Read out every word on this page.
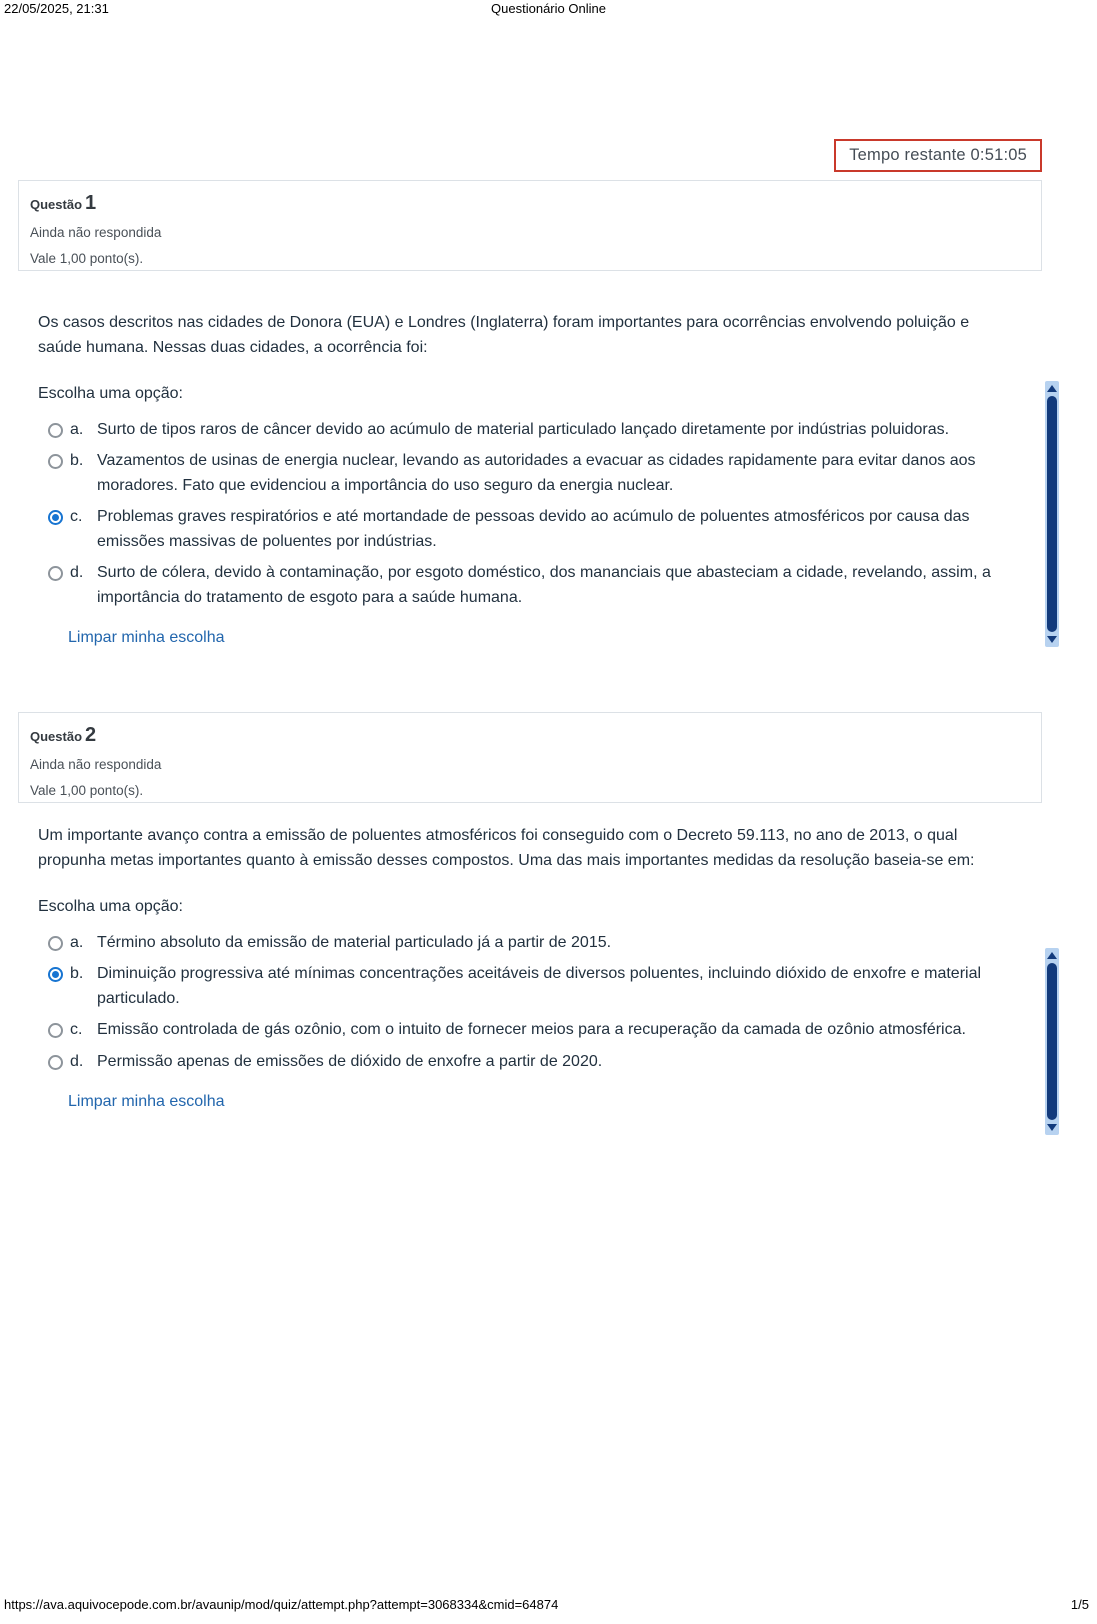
22/05/2025, 21:31	Questionário Online
Tempo restante 0:51:05
Questão 1
Ainda não respondida
Vale 1,00 ponto(s).

Os casos descritos nas cidades de Donora (EUA) e Londres (Inglaterra) foram importantes para ocorrências envolvendo poluição e saúde humana. Nessas duas cidades, a ocorrência foi:

Escolha uma opção:

a. Surto de tipos raros de câncer devido ao acúmulo de material particulado lançado diretamente por indústrias poluidoras.
b. Vazamentos de usinas de energia nuclear, levando as autoridades a evacuar as cidades rapidamente para evitar danos aos moradores. Fato que evidenciou a importância do uso seguro da energia nuclear.
c. Problemas graves respiratórios e até mortandade de pessoas devido ao acúmulo de poluentes atmosféricos por causa das emissões massivas de poluentes por indústrias.
d. Surto de cólera, devido à contaminação, por esgoto doméstico, dos mananciais que abasteciam a cidade, revelando, assim, a importância do tratamento de esgoto para a saúde humana.
Limpar minha escolha
Questão 2
Ainda não respondida
Vale 1,00 ponto(s).

Um importante avanço contra a emissão de poluentes atmosféricos foi conseguido com o Decreto 59.113, no ano de 2013, o qual propunha metas importantes quanto à emissão desses compostos. Uma das mais importantes medidas da resolução baseia-se em:

Escolha uma opção:

a. Término absoluto da emissão de material particulado já a partir de 2015.
b. Diminuição progressiva até mínimas concentrações aceitáveis de diversos poluentes, incluindo dióxido de enxofre e material particulado.
c. Emissão controlada de gás ozônio, com o intuito de fornecer meios para a recuperação da camada de ozônio atmosférica.
d. Permissão apenas de emissões de dióxido de enxofre a partir de 2020.
Limpar minha escolha
https://ava.aquivocepode.com.br/avaunip/mod/quiz/attempt.php?attempt=3068334&cmid=64874	1/5
